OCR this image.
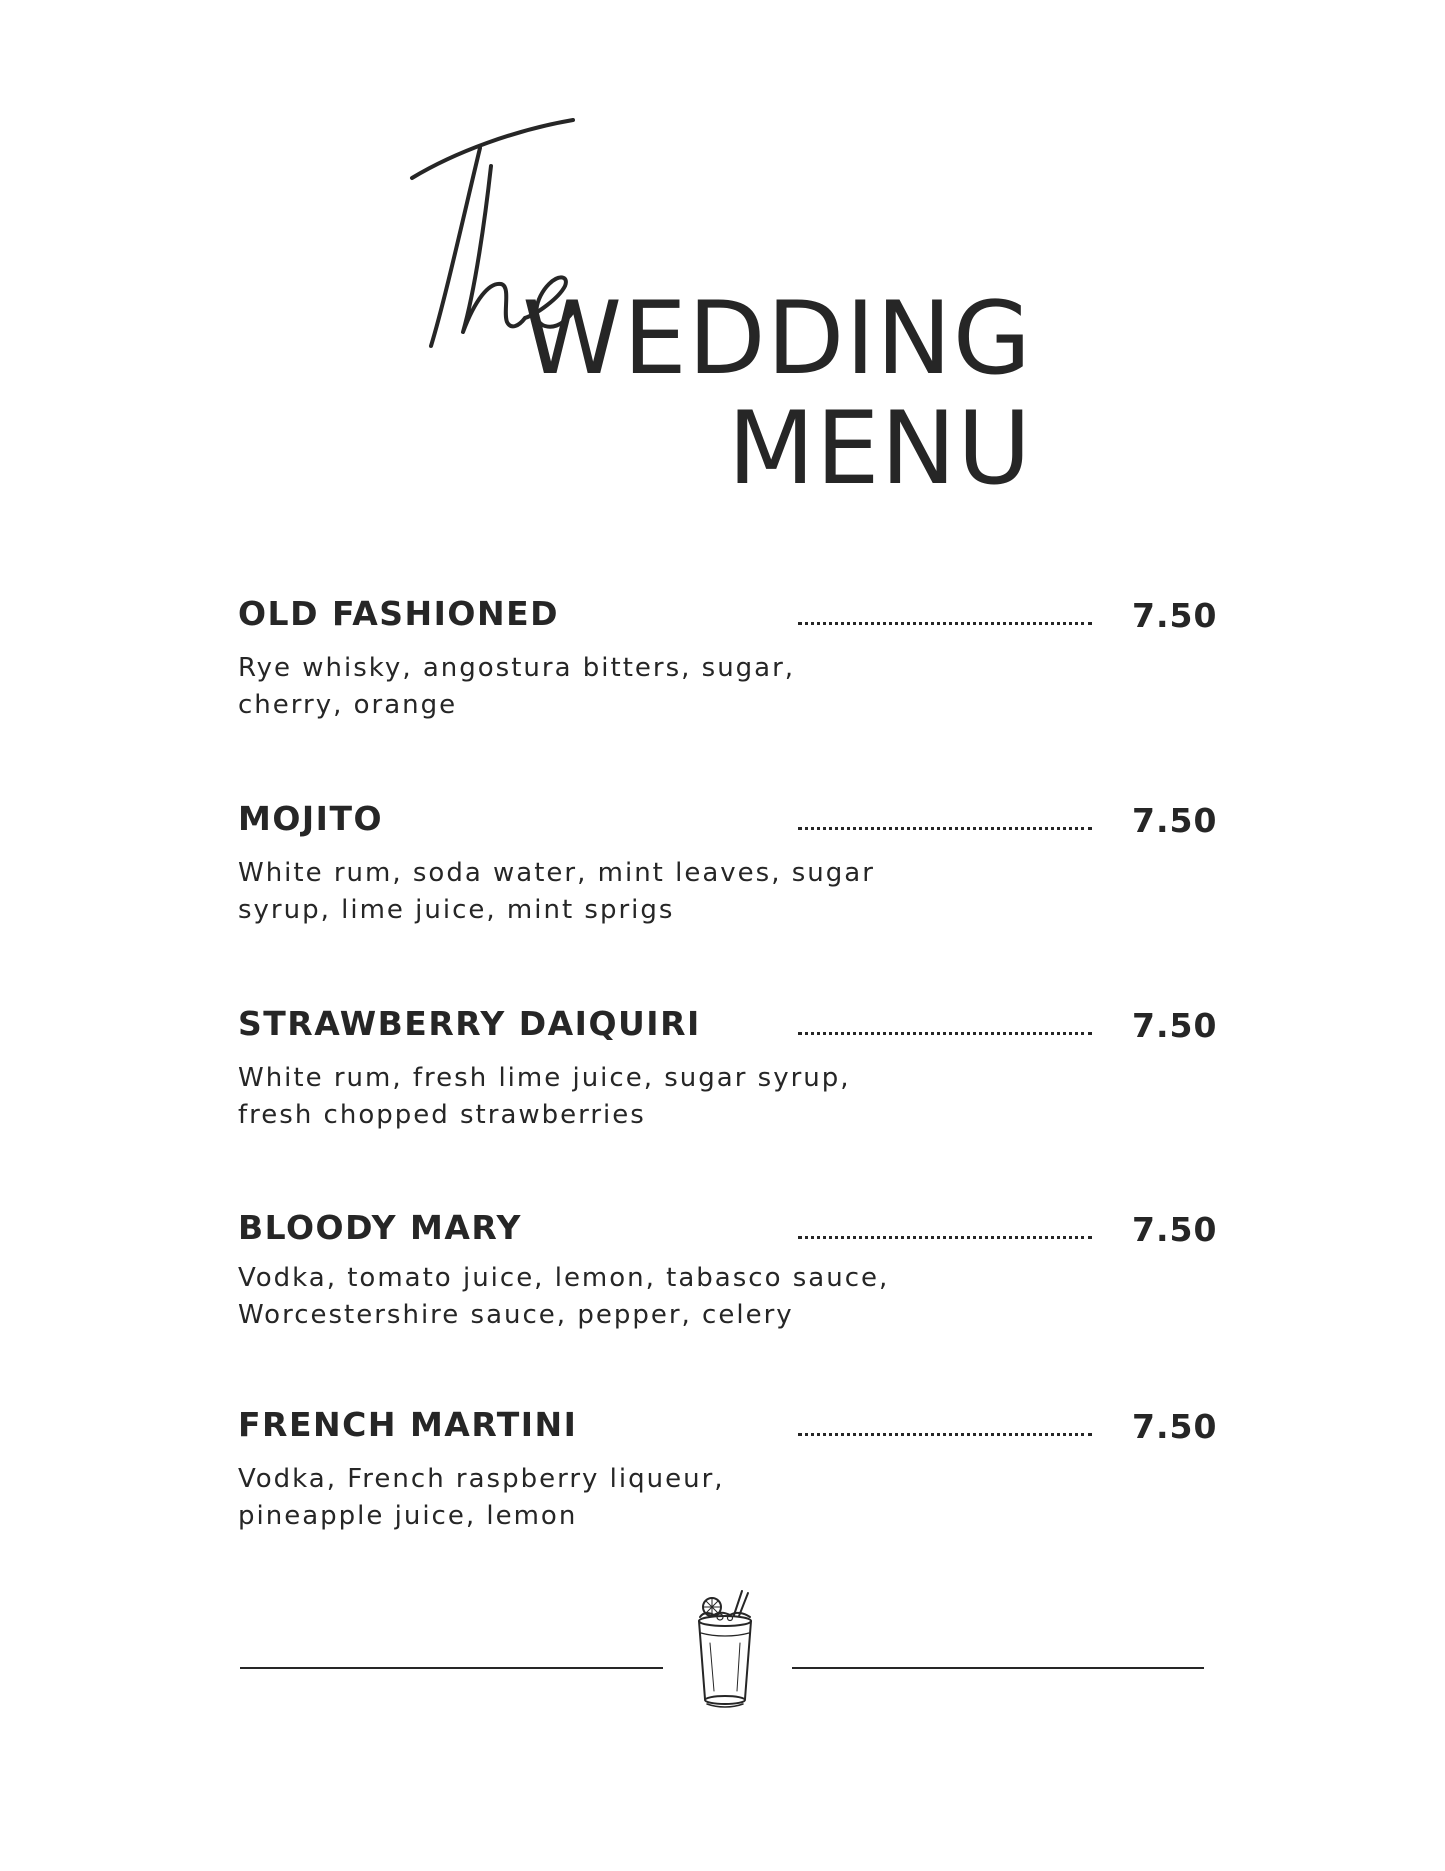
WEDDING
MENU
OLD FASHIONED	7.50
Rye whisky, angostura bitters, sugar,
cherry, orange
MOJITO	7.50
White rum, soda water, mint leaves, sugar
syrup, lime juice, mint sprigs
STRAWBERRY DAIQUIRI	7.50
White rum, fresh lime juice, sugar syrup,
fresh chopped strawberries
BLOODY MARY	7.50
Vodka, tomato juice, lemon, tabasco sauce,
Worcestershire sauce, pepper, celery
FRENCH MARTINI	7.50
Vodka, French raspberry liqueur,
pineapple juice, lemon
